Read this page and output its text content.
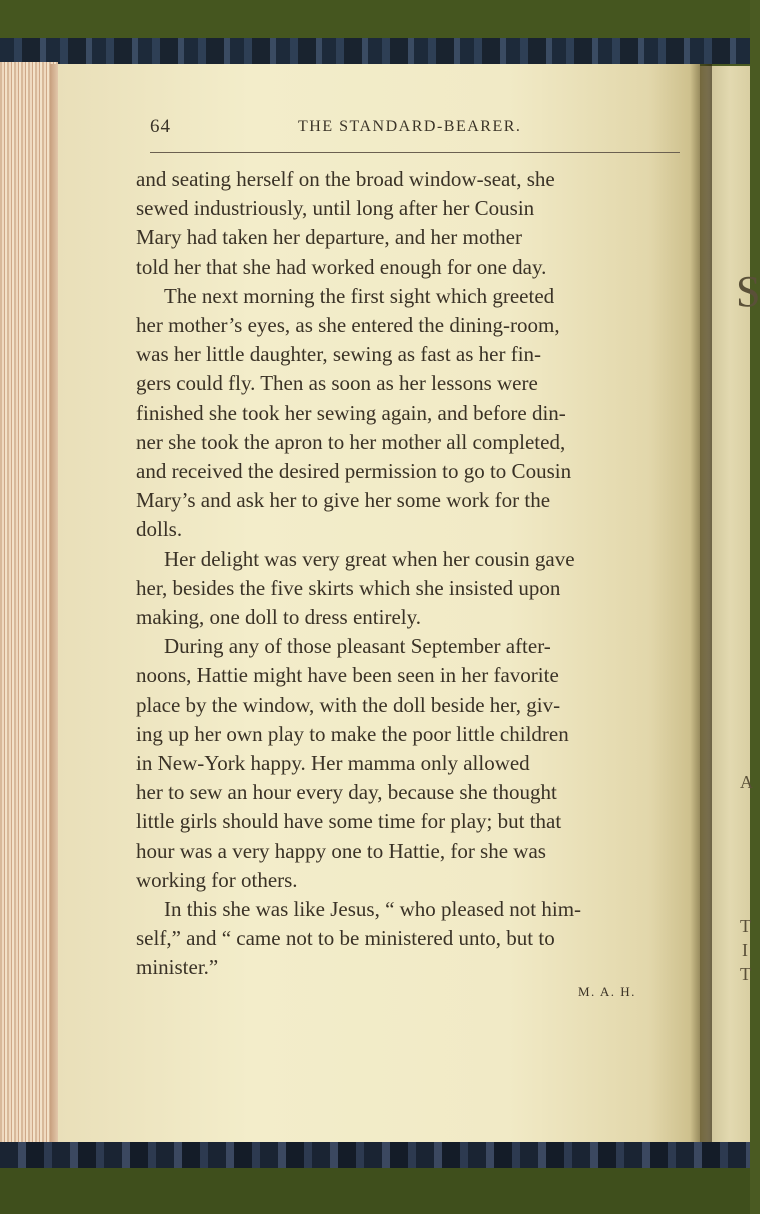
S
A
T
I
T
64	THE STANDARD-BEARER.
and seating herself on the broad window-seat, she
sewed industriously, until long after her Cousin
Mary had taken her departure, and her mother
told her that she had worked enough for one day.
The next morning the first sight which greeted
her mother’s eyes, as she entered the dining-room,
was her little daughter, sewing as fast as her fin-
gers could fly. Then as soon as her lessons were
finished she took her sewing again, and before din-
ner she took the apron to her mother all completed,
and received the desired permission to go to Cousin
Mary’s and ask her to give her some work for the
dolls.
Her delight was very great when her cousin gave
her, besides the five skirts which she insisted upon
making, one doll to dress entirely.
During any of those pleasant September after-
noons, Hattie might have been seen in her favorite
place by the window, with the doll beside her, giv-
ing up her own play to make the poor little children
in New-York happy. Her mamma only allowed
her to sew an hour every day, because she thought
little girls should have some time for play; but that
hour was a very happy one to Hattie, for she was
working for others.
In this she was like Jesus, “ who pleased not him-
self,” and “ came not to be ministered unto, but to
minister.”
M. A. H.
